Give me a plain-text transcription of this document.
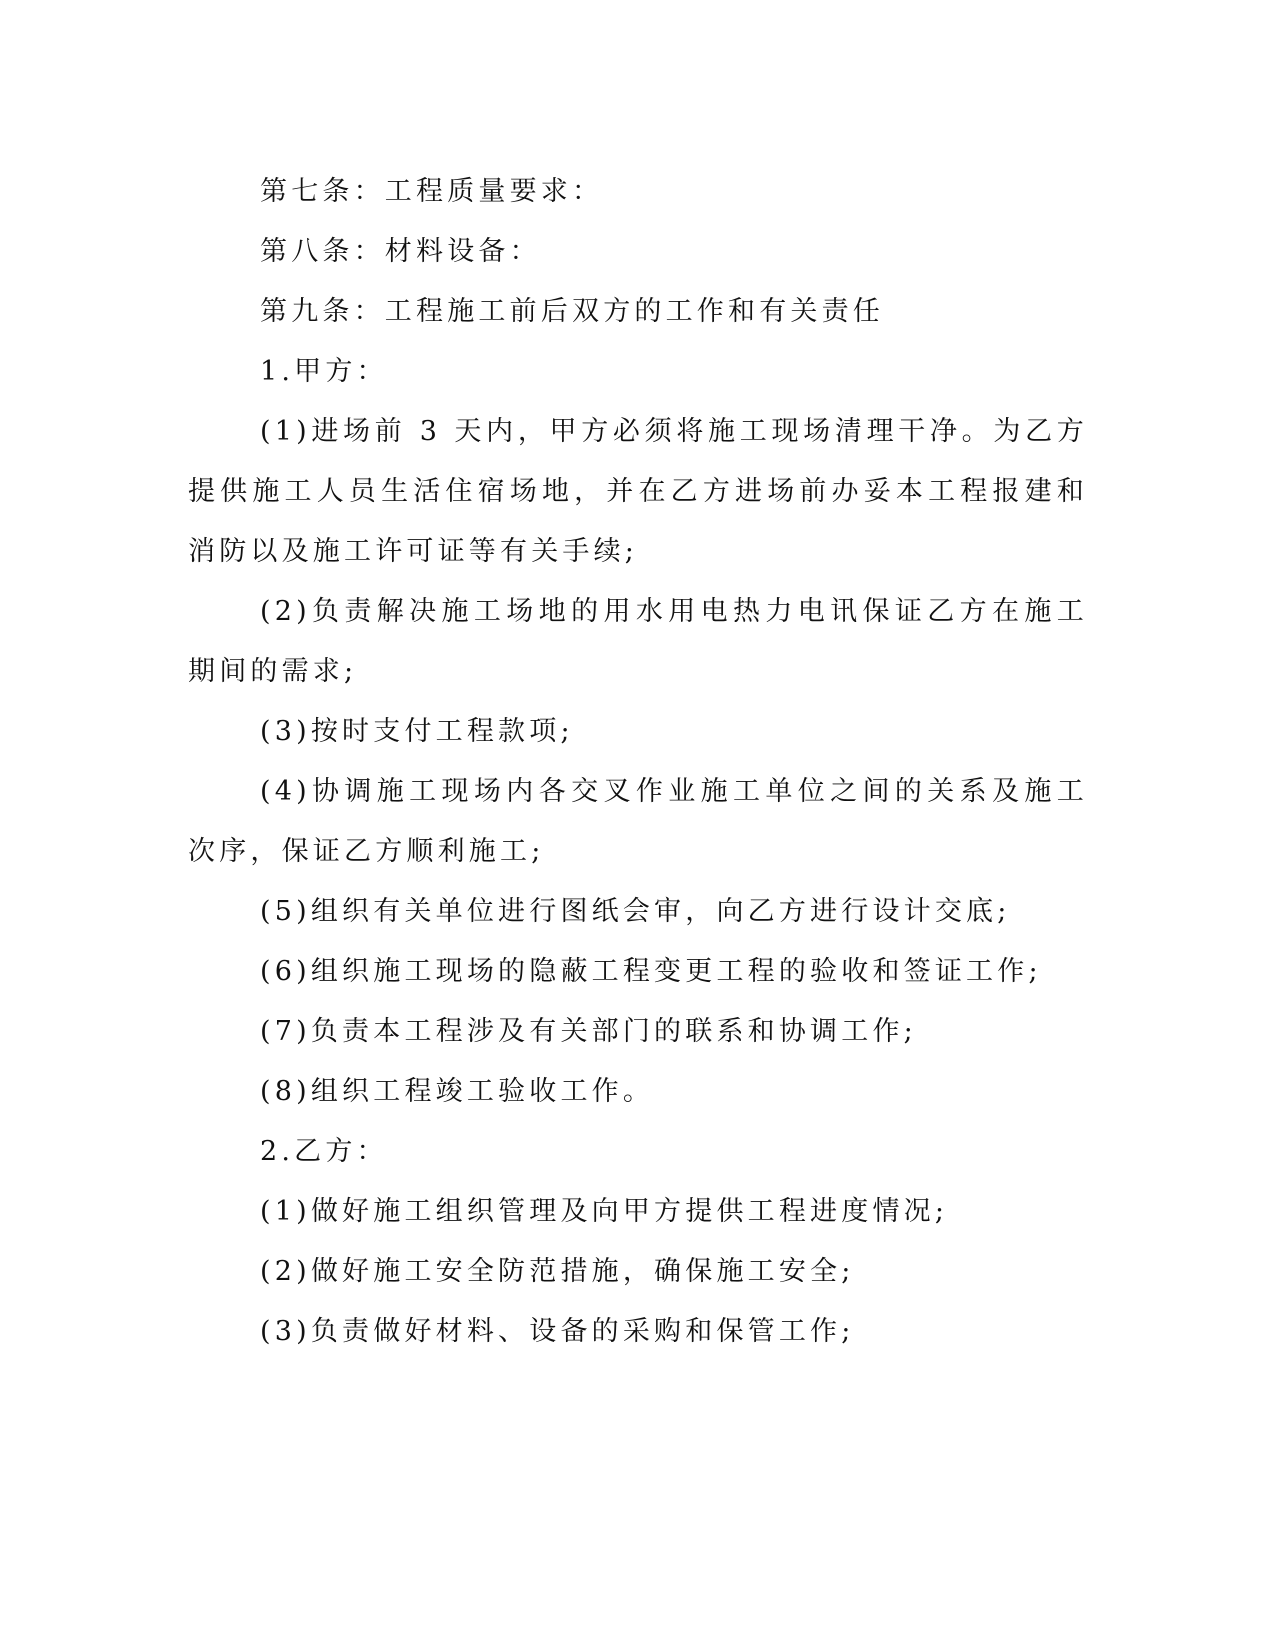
第七条：工程质量要求：

第八条：材料设备：

第九条：工程施工前后双方的工作和有关责任

1.甲方：

(1)进场前 3 天内，甲方必须将施工现场清理干净。为乙方提供施工人员生活住宿场地，并在乙方进场前办妥本工程报建和消防以及施工许可证等有关手续;

(2)负责解决施工场地的用水用电热力电讯保证乙方在施工期间的需求;

(3)按时支付工程款项;

(4)协调施工现场内各交叉作业施工单位之间的关系及施工次序，保证乙方顺利施工;

(5)组织有关单位进行图纸会审，向乙方进行设计交底;

(6)组织施工现场的隐蔽工程变更工程的验收和签证工作;

(7)负责本工程涉及有关部门的联系和协调工作;

(8)组织工程竣工验收工作。

2.乙方：

(1)做好施工组织管理及向甲方提供工程进度情况;

(2)做好施工安全防范措施，确保施工安全;

(3)负责做好材料、设备的采购和保管工作;
